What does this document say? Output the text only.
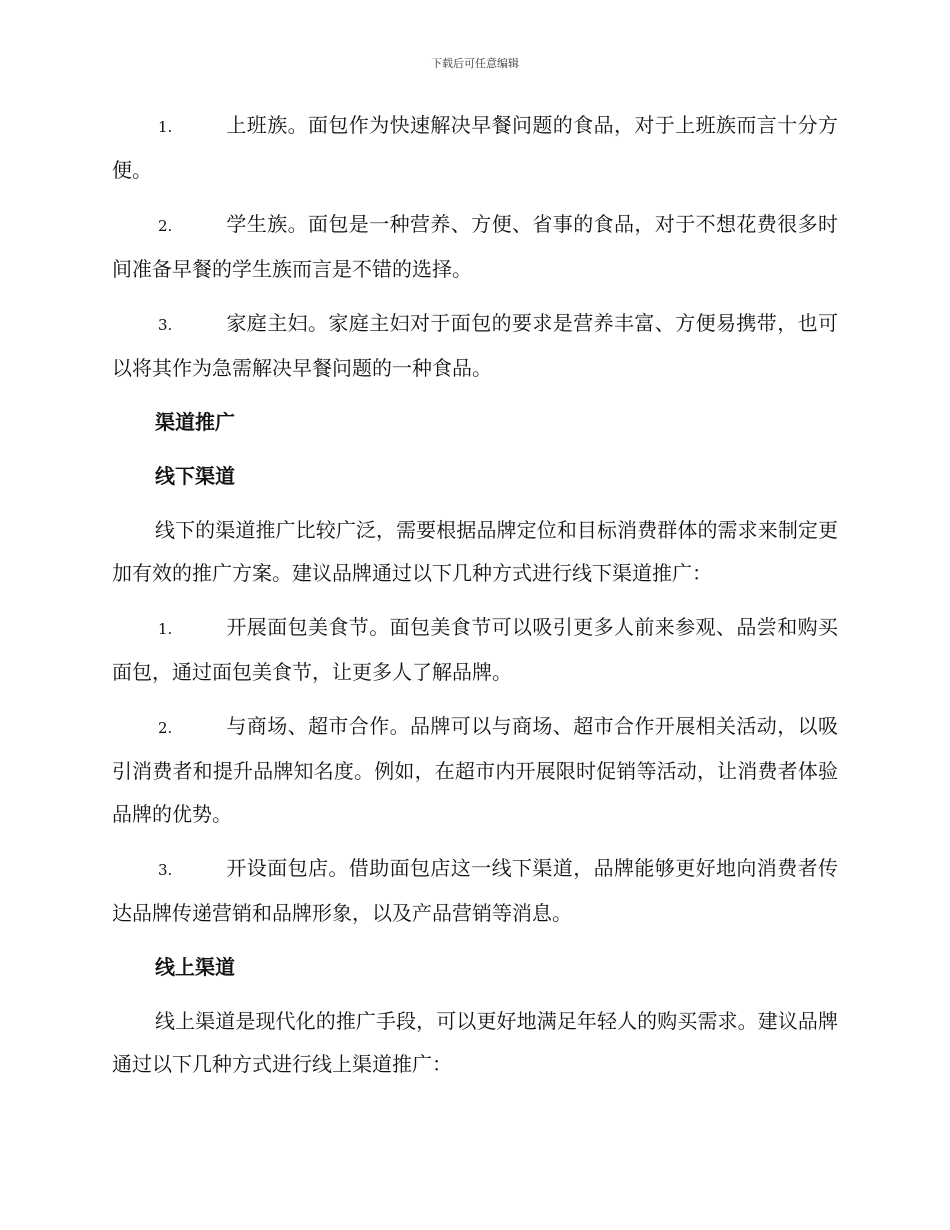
下载后可任意编辑

1.	上班族。面包作为快速解决早餐问题的食品，对于上班族而言十分方便。

2.	学生族。面包是一种营养、方便、省事的食品，对于不想花费很多时间准备早餐的学生族而言是不错的选择。

3.	家庭主妇。家庭主妇对于面包的要求是营养丰富、方便易携带，也可以将其作为急需解决早餐问题的一种食品。

渠道推广
线下渠道

线下的渠道推广比较广泛，需要根据品牌定位和目标消费群体的需求来制定更加有效的推广方案。建议品牌通过以下几种方式进行线下渠道推广：

1.	开展面包美食节。面包美食节可以吸引更多人前来参观、品尝和购买面包，通过面包美食节，让更多人了解品牌。

2.	与商场、超市合作。品牌可以与商场、超市合作开展相关活动，以吸引消费者和提升品牌知名度。例如，在超市内开展限时促销等活动，让消费者体验品牌的优势。

3.	开设面包店。借助面包店这一线下渠道，品牌能够更好地向消费者传达品牌传递营销和品牌形象，以及产品营销等消息。

线上渠道

线上渠道是现代化的推广手段，可以更好地满足年轻人的购买需求。建议品牌通过以下几种方式进行线上渠道推广：
